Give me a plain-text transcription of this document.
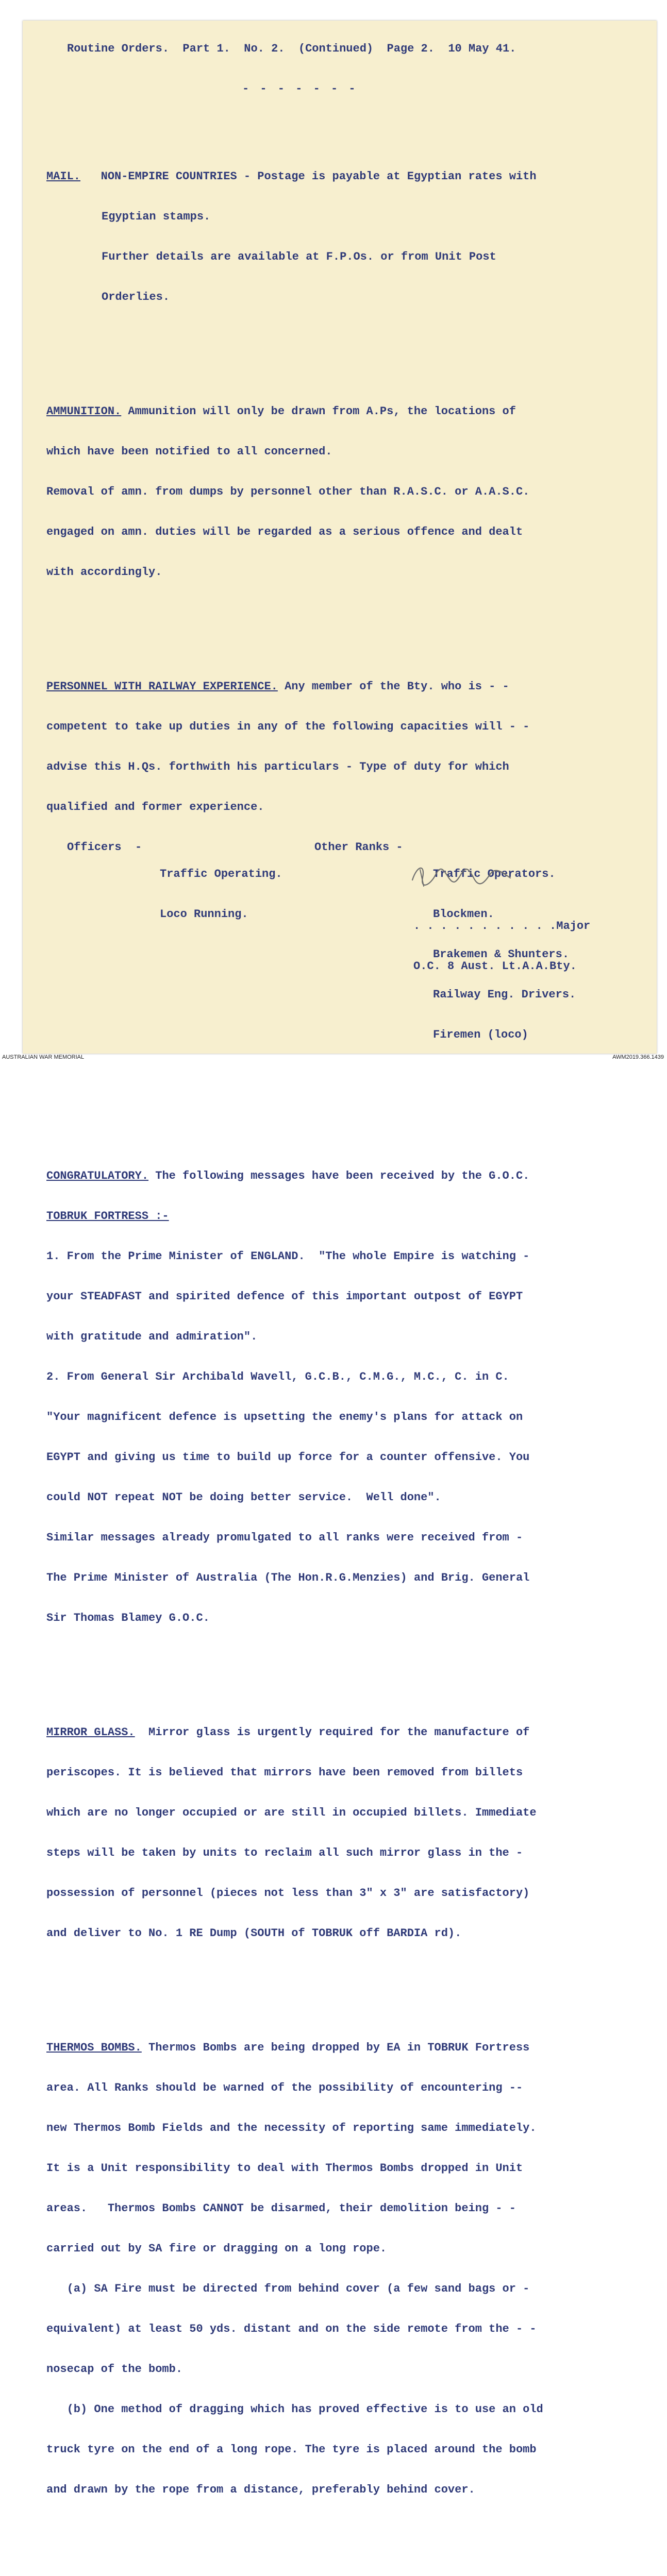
Routine Orders.  Part 1.  No. 2.  (Continued)  Page 2.  10 May 41.

- - - - - - -

MAIL.
NON-EMPIRE COUNTRIES - Postage is payable at Egyptian rates with

Egyptian stamps.

Further details are available at F.P.Os. or from Unit Post

Orderlies.

AMMUNITION. Ammunition will only be drawn from A.Ps, the locations of

which have been notified to all concerned.

Removal of amn. from dumps by personnel other than R.A.S.C. or A.A.S.C.

engaged on amn. duties will be regarded as a serious offence and dealt

with accordingly.

PERSONNEL WITH RAILWAY EXPERIENCE. Any member of the Bty. who is - -

competent to take up duties in any of the following capacities will - -

advise this H.Qs. forthwith his particulars - Type of duty for which

qualified and former experience.

Officers  -

Traffic Operating.

Loco Running.

Other Ranks -

Traffic Operators.

Blockmen.

Brakemen & Shunters.

Railway Eng. Drivers.

Firemen (loco)

CONGRATULATORY. The following messages have been received by the G.O.C.

TOBRUK FORTRESS :-

1. From the Prime Minister of ENGLAND.  "The whole Empire is watching -

your STEADFAST and spirited defence of this important outpost of EGYPT

with gratitude and admiration".

2. From General Sir Archibald Wavell, G.C.B., C.M.G., M.C., C. in C.

"Your magnificent defence is upsetting the enemy's plans for attack on

EGYPT and giving us time to build up force for a counter offensive. You

could NOT repeat NOT be doing better service.  Well done".

Similar messages already promulgated to all ranks were received from -

The Prime Minister of Australia (The Hon.R.G.Menzies) and Brig. General

Sir Thomas Blamey G.O.C.

MIRROR GLASS.  Mirror glass is urgently required for the manufacture of

periscopes. It is believed that mirrors have been removed from billets

which are no longer occupied or are still in occupied billets. Immediate

steps will be taken by units to reclaim all such mirror glass in the -

possession of personnel (pieces not less than 3" x 3" are satisfactory)

and deliver to No. 1 RE Dump (SOUTH of TOBRUK off BARDIA rd).

THERMOS BOMBS. Thermos Bombs are being dropped by EA in TOBRUK Fortress

area. All Ranks should be warned of the possibility of encountering --

new Thermos Bomb Fields and the necessity of reporting same immediately.

It is a Unit responsibility to deal with Thermos Bombs dropped in Unit

areas.   Thermos Bombs CANNOT be disarmed, their demolition being - -

carried out by SA fire or dragging on a long rope.

(a) SA Fire must be directed from behind cover (a few sand bags or -

equivalent) at least 50 yds. distant and on the side remote from the - -

nosecap of the bomb.

(b) One method of dragging which has proved effective is to use an old

truck tyre on the end of a long rope. The tyre is placed around the bomb

and drawn by the rope from a distance, preferably behind cover.

. . . . . . . . . . .Major

O.C. 8 Aust. Lt.A.A.Bty.

AUSTRALIAN WAR MEMORIAL	AWM2019.366.1439
